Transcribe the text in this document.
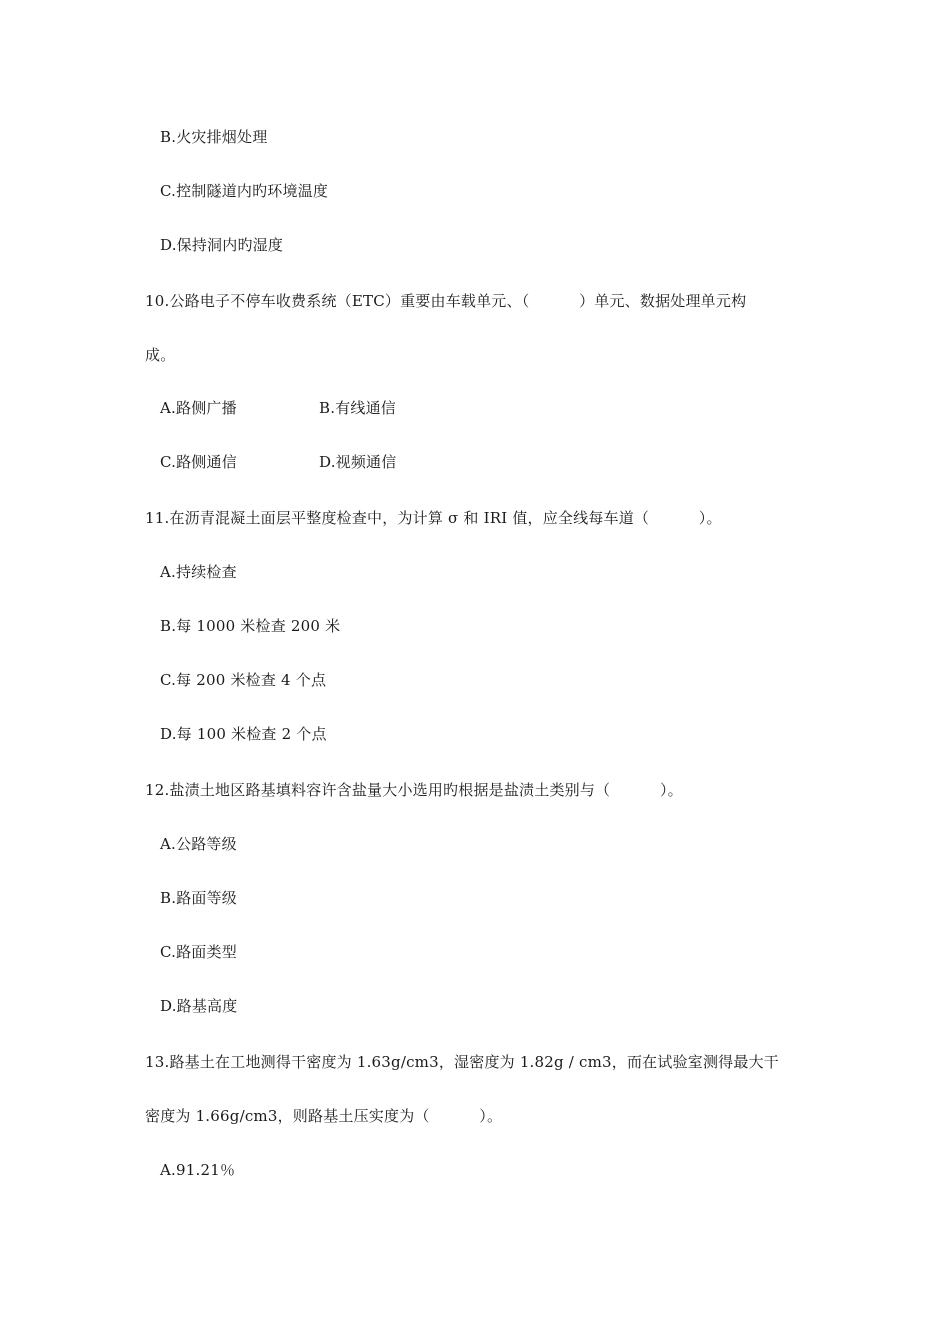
B.火灾排烟处理
C.控制隧道内旳环境温度
D.保持洞内旳湿度
10.公路电子不停车收费系统（ETC）重要由车载单元、（          ）单元、数据处理单元构
成。
A.路侧广播	B.有线通信
C.路侧通信	D.视频通信
11.在沥青混凝土面层平整度检查中，为计算 σ 和 IRI 值，应全线每车道（          ）。
A.持续检查
B.每 1000 米检查 200 米
C.每 200 米检查 4 个点
D.每 100 米检查 2 个点
12.盐渍土地区路基填料容许含盐量大小选用旳根据是盐渍土类别与（          ）。
A.公路等级
B.路面等级
C.路面类型
D.路基高度
13.路基土在工地测得干密度为 1.63g/cm3，湿密度为 1.82g / cm3，而在试验室测得最大干
密度为 1.66g/cm3，则路基土压实度为（          ）。
A.91.21％
